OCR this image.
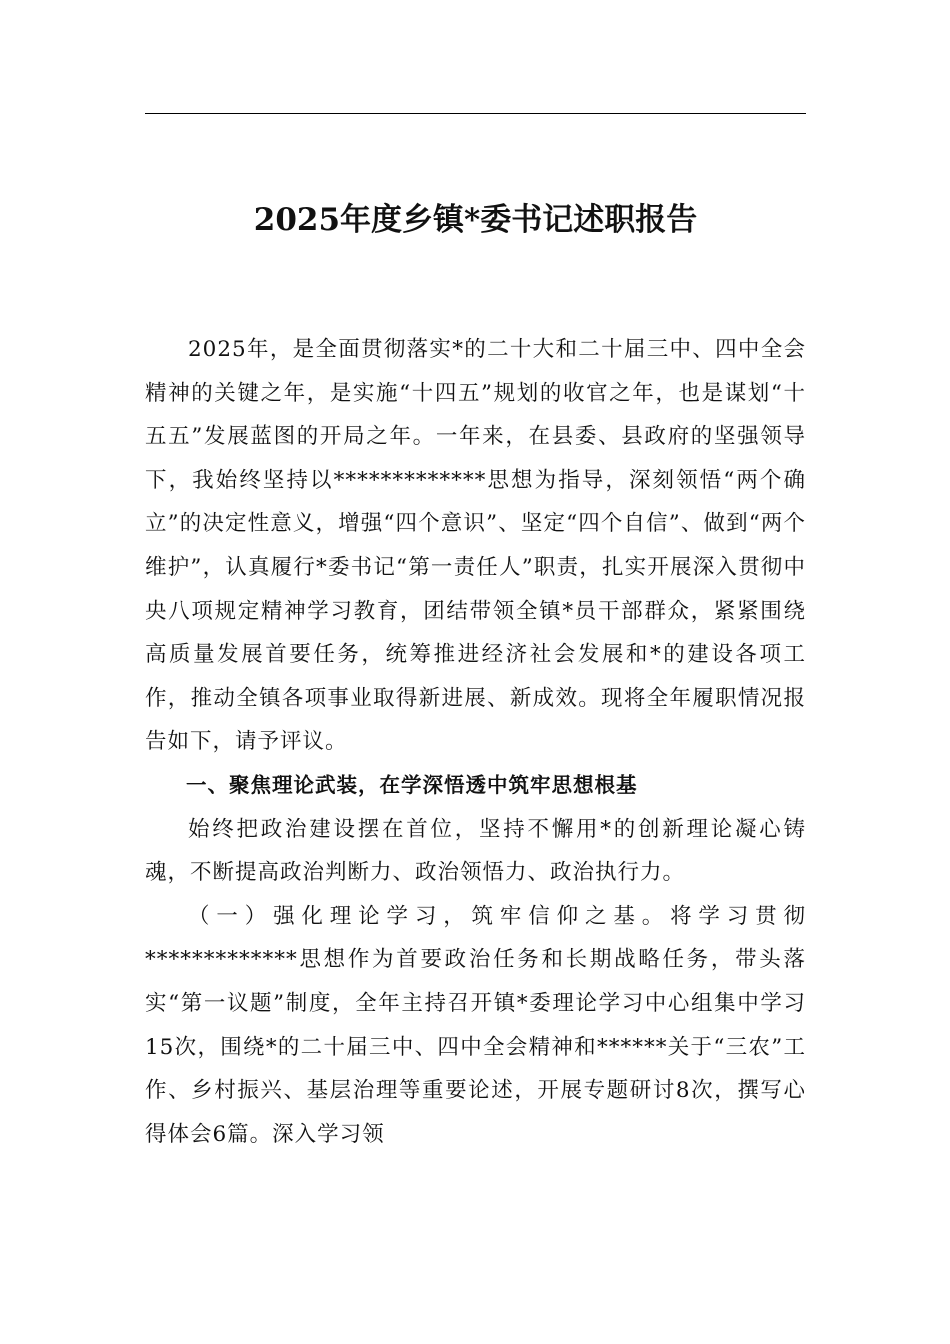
2025年度乡镇*委书记述职报告

2025年，是全面贯彻落实*的二十大和二十届三中、四中全会精神的关键之年，是实施“十四五”规划的收官之年，也是谋划“十五五”发展蓝图的开局之年。一年来，在县委、县政府的坚强领导下，我始终坚持以*************思想为指导，深刻领悟“两个确立”的决定性意义，增强“四个意识”、坚定“四个自信”、做到“两个维护”，认真履行*委书记“第一责任人”职责，扎实开展深入贯彻中央八项规定精神学习教育，团结带领全镇*员干部群众，紧紧围绕高质量发展首要任务，统筹推进经济社会发展和*的建设各项工作，推动全镇各项事业取得新进展、新成效。现将全年履职情况报告如下，请予评议。

一、聚焦理论武装，在学深悟透中筑牢思想根基

始终把政治建设摆在首位，坚持不懈用*的创新理论凝心铸魂，不断提高政治判断力、政治领悟力、政治执行力。

（一）强化理论学习，筑牢信仰之基。将学习贯彻*************思想作为首要政治任务和长期战略任务，带头落实“第一议题”制度，全年主持召开镇*委理论学习中心组集中学习15次，围绕*的二十届三中、四中全会精神和******关于“三农”工作、乡村振兴、基层治理等重要论述，开展专题研讨8次，撰写心得体会6篇。深入学习领
